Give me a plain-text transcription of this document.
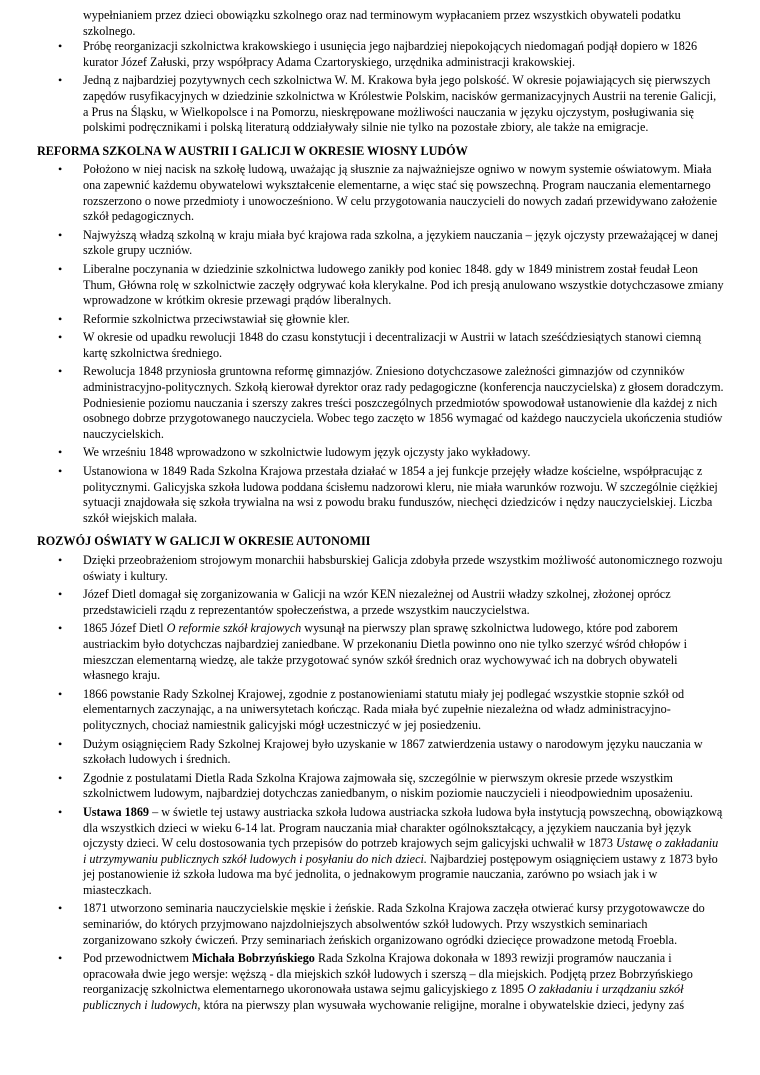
wypełnianiem przez dzieci obowiązku szkolnego oraz nad terminowym wypłacaniem przez wszystkich obywateli podatku szkolnego.

•	Próbę reorganizacji szkolnictwa krakowskiego i usunięcia jego najbardziej niepokojących niedomagań podjął dopiero w 1826 kurator Józef Załuski, przy współpracy Adama Czartoryskiego, urzędnika administracji krakowskiej.
•	Jedną z najbardziej pozytywnych cech szkolnictwa W. M. Krakowa była jego polskość. W okresie pojawiających się pierwszych zapędów rusyfikacyjnych w dziedzinie szkolnictwa w Królestwie Polskim, nacisków germanizacyjnych Austrii na terenie Galicji, a Prus na Śląsku, w Wielkopolsce i na Pomorzu, nieskrępowane możliwości nauczania w języku ojczystym, posługiwania się polskimi podręcznikami i polską literaturą oddziaływały silnie nie tylko na pozostałe zbiory, ale także na emigracje.
REFORMA SZKOLNA W AUSTRII I GALICJI W OKRESIE WIOSNY LUDÓW
•	Położono w niej nacisk na szkołę ludową, uważając ją słusznie za najważniejsze ogniwo w nowym systemie oświatowym. Miała ona zapewnić każdemu obywatelowi wykształcenie elementarne, a więc stać się powszechną. Program nauczania elementarnego rozszerzono o nowe przedmioty i unowocześniono. W celu przygotowania nauczycieli do nowych zadań przewidywano założenie szkół pedagogicznych.
•	Najwyższą władzą szkolną w kraju miała być krajowa rada szkolna, a językiem nauczania – język ojczysty przeważającej w danej szkole grupy uczniów.
•	Liberalne poczynania w dziedzinie szkolnictwa ludowego zanikły pod koniec 1848. gdy w 1849 ministrem został feudał Leon Thum, Główna rolę w szkolnictwie zaczęły odgrywać koła klerykalne. Pod ich presją anulowano wszystkie dotychczasowe zmiany wprowadzone w krótkim okresie przewagi prądów liberalnych.
•	Reformie szkolnictwa przeciwstawiał się głownie kler.
•	W okresie od upadku rewolucji 1848 do czasu konstytucji i decentralizacji w Austrii w latach sześćdziesiątych stanowi ciemną kartę szkolnictwa średniego.
•	Rewolucja 1848 przyniosła gruntowna reformę gimnazjów. Zniesiono dotychczasowe zależności gimnazjów od czynników administracyjno-politycznych. Szkołą kierował dyrektor oraz rady pedagogiczne (konferencja nauczycielska) z głosem doradczym. Podniesienie poziomu nauczania i szerszy zakres treści poszczególnych przedmiotów spowodował ustanowienie dla każdej z nich osobnego dobrze przygotowanego nauczyciela. Wobec tego zaczęto w 1856 wymagać od każdego nauczyciela ukończenia studiów nauczycielskich.
•	We wrześniu 1848 wprowadzono w szkolnictwie ludowym język ojczysty jako wykładowy.
•	Ustanowiona w 1849 Rada Szkolna Krajowa przestała działać w 1854 a jej funkcje przejęły władze kościelne, współpracując z politycznymi. Galicyjska szkoła ludowa poddana ścisłemu nadzorowi kleru, nie miała warunków rozwoju. W szczególnie ciężkiej sytuacji znajdowała się szkoła trywialna na wsi z powodu braku funduszów, niechęci dziedziców i nędzy nauczycielskiej. Liczba szkół wiejskich malała.
ROZWÓJ OŚWIATY W GALICJI W OKRESIE AUTONOMII
•	Dzięki przeobrażeniom strojowym monarchii habsburskiej Galicja zdobyła przede wszystkim możliwość autonomicznego rozwoju oświaty i kultury.
•	Józef Dietl domagał się zorganizowania w Galicji na wzór KEN niezależnej od Austrii władzy szkolnej, złożonej oprócz przedstawicieli rządu z reprezentantów społeczeństwa, a przede wszystkim nauczycielstwa.
•	1865 Józef Dietl O reformie szkół krajowych wysunął na pierwszy plan sprawę szkolnictwa ludowego, które pod zaborem austriackim było dotychczas najbardziej zaniedbane. W przekonaniu Dietla powinno ono nie tylko szerzyć wśród chłopów i mieszczan elementarną wiedzę, ale także przygotować synów szkół średnich oraz wychowywać ich na dobrych obywateli własnego kraju.
•	1866 powstanie Rady Szkolnej Krajowej, zgodnie z postanowieniami statutu miały jej podlegać wszystkie stopnie szkół od elementarnych zaczynając, a na uniwersytetach kończąc. Rada miała być zupełnie niezależna od władz administracyjno-politycznych, chociaż namiestnik galicyjski mógł uczestniczyć w jej posiedzeniu.
•	Dużym osiągnięciem Rady Szkolnej Krajowej było uzyskanie w 1867 zatwierdzenia ustawy o narodowym języku nauczania w szkołach ludowych i średnich.
•	Zgodnie z postulatami Dietla Rada Szkolna Krajowa zajmowała się, szczególnie w pierwszym okresie przede wszystkim szkolnictwem ludowym, najbardziej dotychczas zaniedbanym, o niskim poziomie nauczycieli i nieodpowiednim uposażeniu.
•	Ustawa 1869 – w świetle tej ustawy austriacka szkoła ludowa austriacka szkoła ludowa była instytucją powszechną, obowiązkową dla wszystkich dzieci w wieku 6-14 lat. Program nauczania miał charakter ogólnokształcący, a językiem nauczania był język ojczysty dzieci. W celu dostosowania tych przepisów do potrzeb krajowych sejm galicyjski uchwalił w 1873 Ustawę o zakładaniu i utrzymywaniu publicznych szkół ludowych i posyłaniu do nich dzieci. Najbardziej postępowym osiągnięciem ustawy z 1873 było jej postanowienie iż szkoła ludowa ma być jednolita, o jednakowym programie nauczania, zarówno po wsiach jak i w miasteczkach.
•	1871 utworzono seminaria nauczycielskie męskie i żeńskie. Rada Szkolna Krajowa zaczęła otwierać kursy przygotowawcze do seminariów, do których przyjmowano najzdolniejszych absolwentów szkół ludowych. Przy wszystkich seminariach zorganizowano szkoły ćwiczeń. Przy seminariach żeńskich organizowano ogródki dziecięce prowadzone metodą Froebla.
•	Pod przewodnictwem Michała Bobrzyńskiego Rada Szkolna Krajowa dokonała w 1893 rewizji programów nauczania i opracowała dwie jego wersje: węższą - dla miejskich szkół ludowych i szerszą – dla miejskich. Podjętą przez Bobrzyńskiego reorganizację szkolnictwa elementarnego ukoronowała ustawa sejmu galicyjskiego z 1895 O zakładaniu i urządzaniu szkół publicznych i ludowych, która na pierwszy plan wysuwała wychowanie religijne, moralne i obywatelskie dzieci, jedyny zaś
